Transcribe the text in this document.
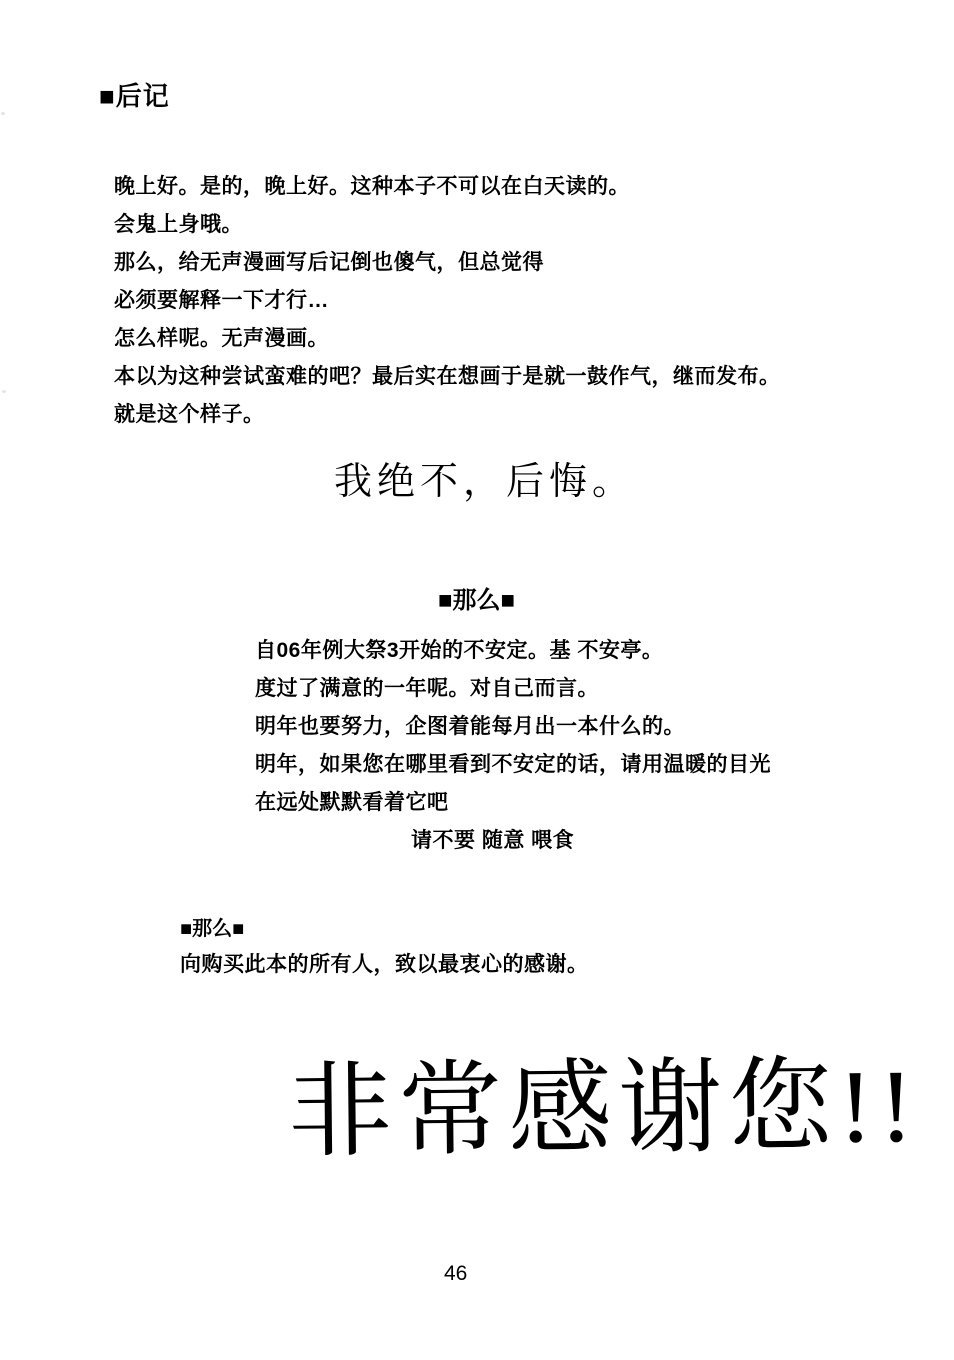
■后记
晚上好。是的，晚上好。这种本子不可以在白天读的。
会鬼上身哦。
那么，给无声漫画写后记倒也傻气，但总觉得
必须要解释一下才行…
怎么样呢。无声漫画。
本以为这种尝试蛮难的吧？最后实在想画于是就一鼓作气，继而发布。
就是这个样子。
我绝不，后悔。
■那么■
自06年例大祭3开始的不安定。基 不安亭。
度过了满意的一年呢。对自己而言。
明年也要努力，企图着能每月出一本什么的。
明年，如果您在哪里看到不安定的话，请用温暖的目光
在远处默默看着它吧
请不要 随意 喂食
■那么■
向购买此本的所有人，致以最衷心的感谢。
非常感谢您!!
46
